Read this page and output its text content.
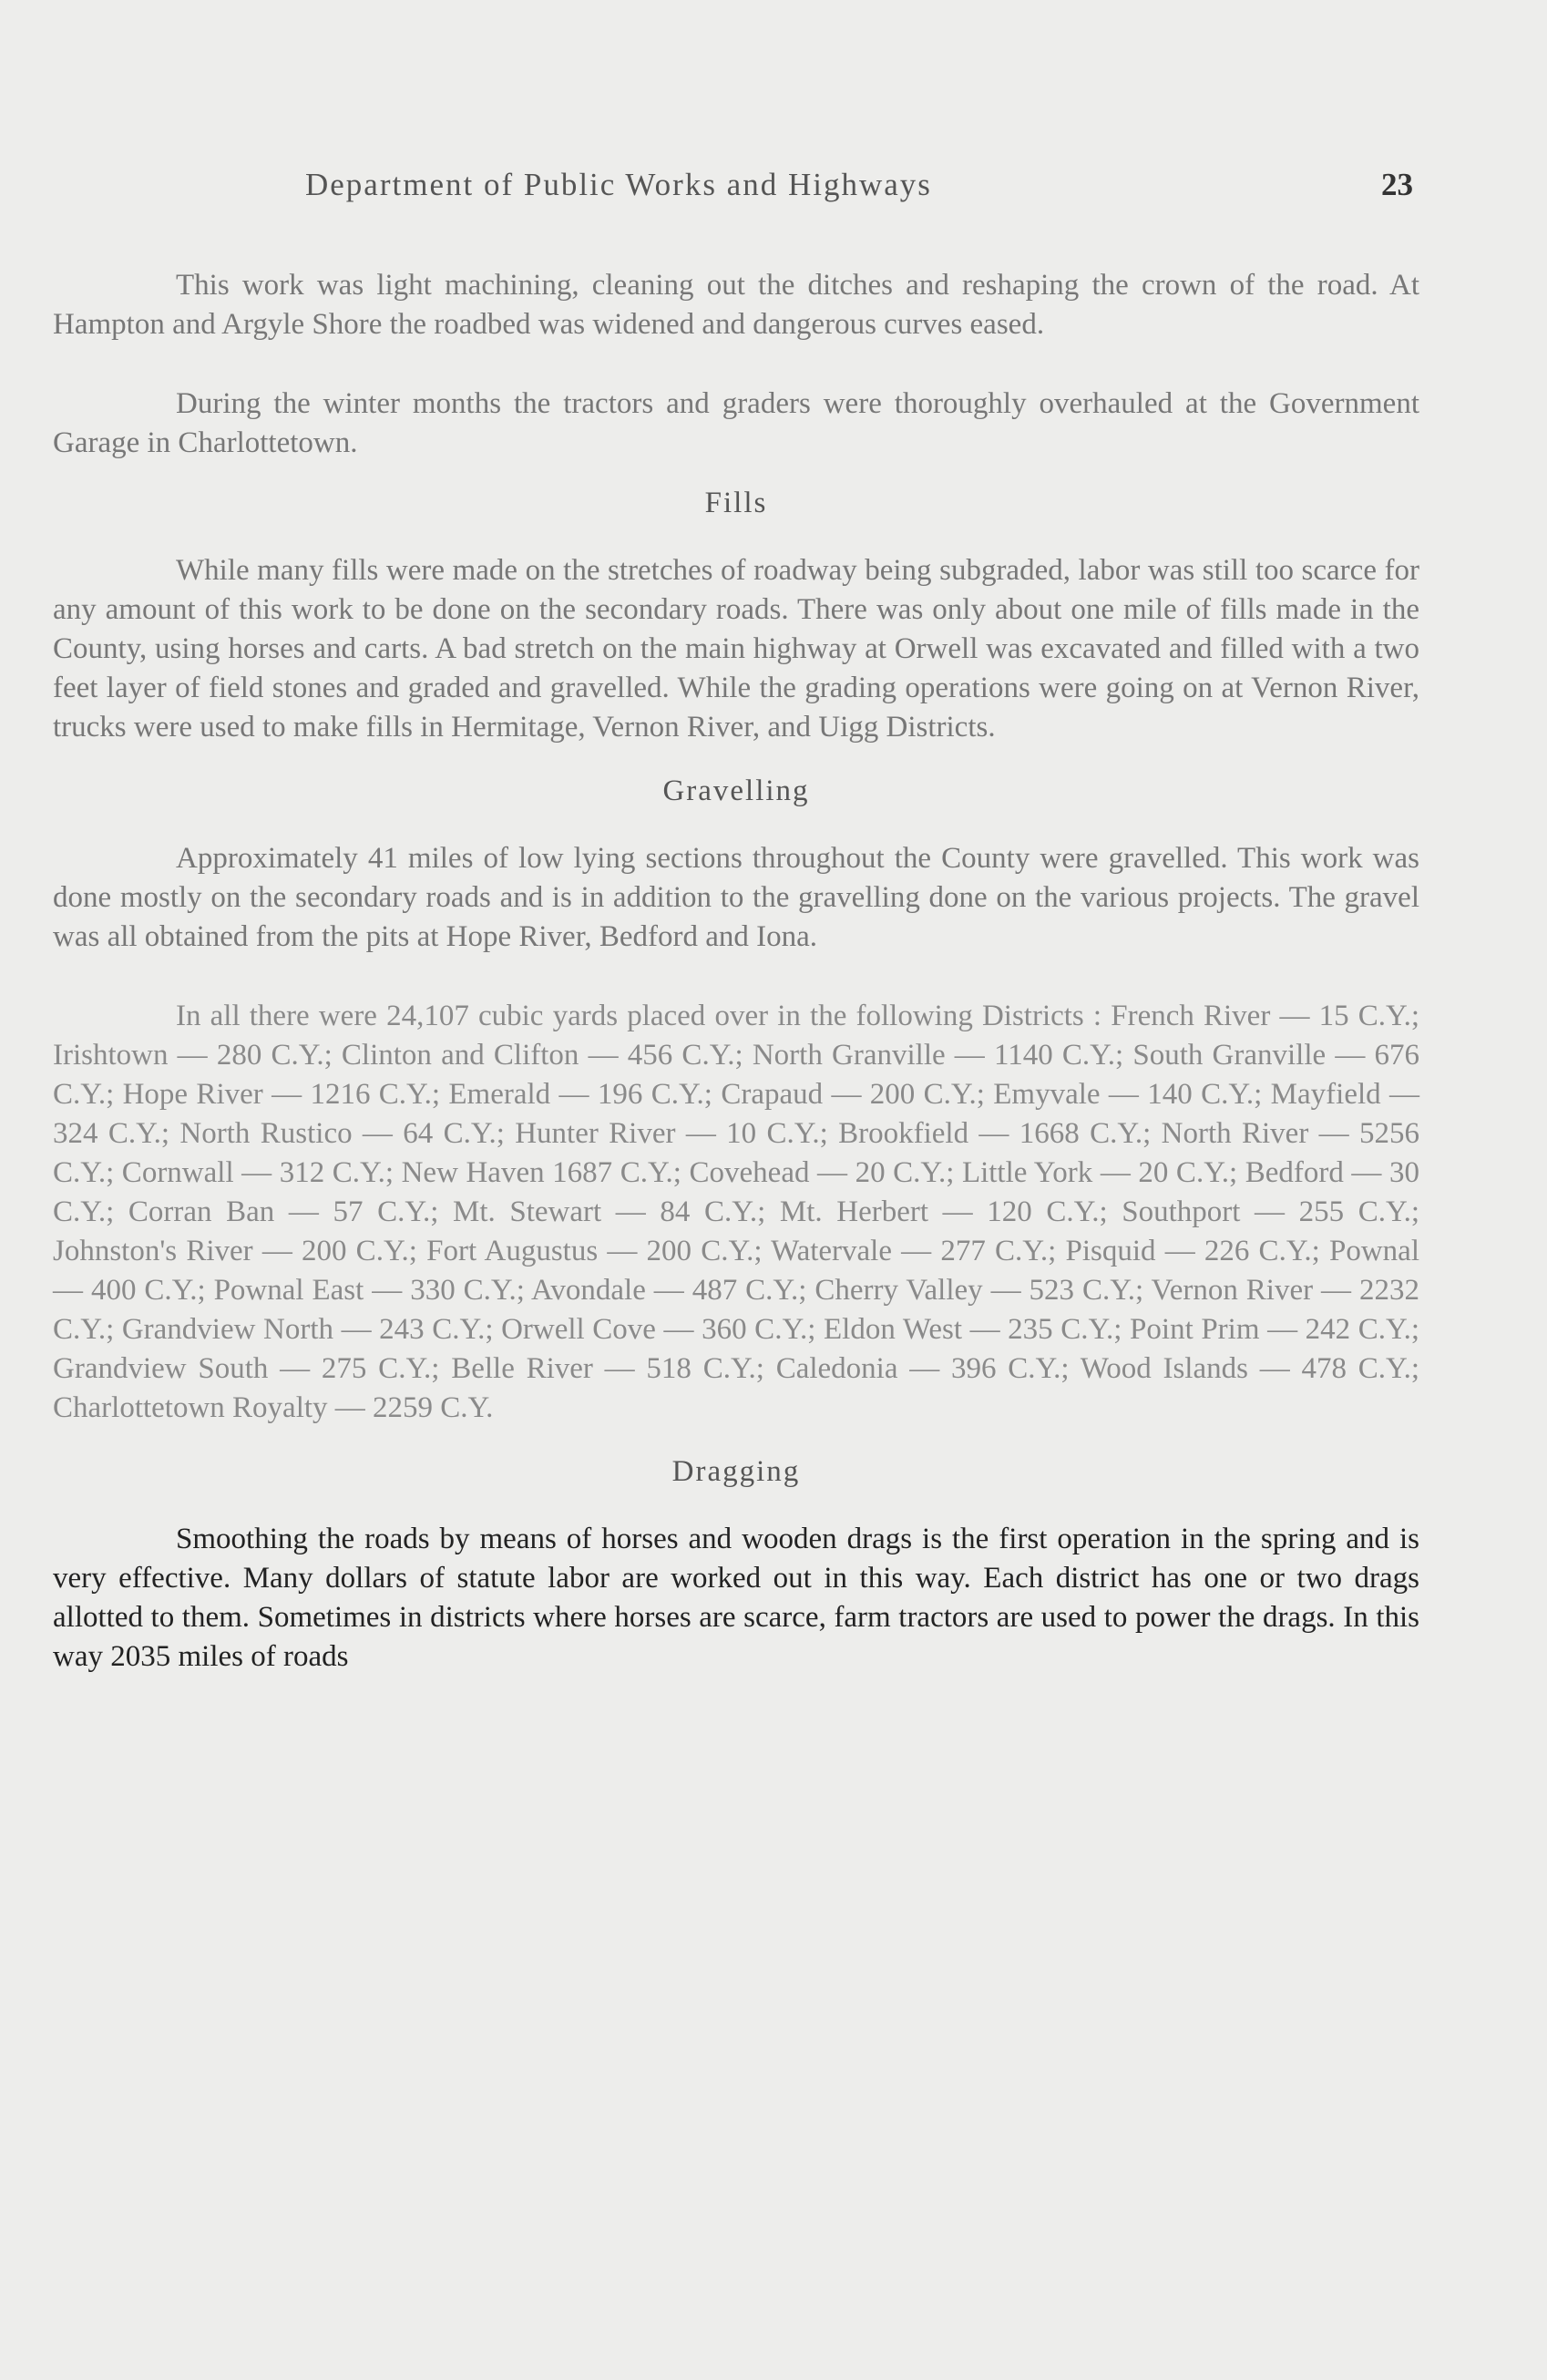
Department of Public Works and Highways	23

This work was light machining, cleaning out the ditches and reshaping the crown of the road. At Hampton and Argyle Shore the roadbed was widened and dangerous curves eased.

During the winter months the tractors and graders were thoroughly overhauled at the Government Garage in Charlottetown.

Fills

While many fills were made on the stretches of roadway being subgraded, labor was still too scarce for any amount of this work to be done on the secondary roads. There was only about one mile of fills made in the County, using horses and carts. A bad stretch on the main highway at Orwell was excavated and filled with a two feet layer of field stones and graded and gravelled. While the grading operations were going on at Vernon River, trucks were used to make fills in Hermitage, Vernon River, and Uigg Districts.

Gravelling

Approximately 41 miles of low lying sections throughout the County were gravelled. This work was done mostly on the secondary roads and is in addition to the gravelling done on the various projects. The gravel was all obtained from the pits at Hope River, Bedford and Iona.

In all there were 24,107 cubic yards placed over in the following Districts : French River — 15 C.Y.; Irishtown — 280 C.Y.; Clinton and Clifton — 456 C.Y.; North Granville — 1140 C.Y.; South Granville — 676 C.Y.; Hope River — 1216 C.Y.; Emerald — 196 C.Y.; Crapaud — 200 C.Y.; Emyvale — 140 C.Y.; Mayfield — 324 C.Y.; North Rustico — 64 C.Y.; Hunter River — 10 C.Y.; Brookfield — 1668 C.Y.; North River — 5256 C.Y.; Cornwall — 312 C.Y.; New Haven 1687 C.Y.; Covehead — 20 C.Y.; Little York — 20 C.Y.; Bedford — 30 C.Y.; Corran Ban — 57 C.Y.; Mt. Stewart — 84 C.Y.; Mt. Herbert — 120 C.Y.; Southport — 255 C.Y.; Johnston's River — 200 C.Y.; Fort Augustus — 200 C.Y.; Watervale — 277 C.Y.; Pisquid — 226 C.Y.; Pownal — 400 C.Y.; Pownal East — 330 C.Y.; Avondale — 487 C.Y.; Cherry Valley — 523 C.Y.; Vernon River — 2232 C.Y.; Grandview North — 243 C.Y.; Orwell Cove — 360 C.Y.; Eldon West — 235 C.Y.; Point Prim — 242 C.Y.; Grandview South — 275 C.Y.; Belle River — 518 C.Y.; Caledonia — 396 C.Y.; Wood Islands — 478 C.Y.; Charlottetown Royalty — 2259 C.Y.

Dragging

Smoothing the roads by means of horses and wooden drags is the first operation in the spring and is very effective. Many dollars of statute labor are worked out in this way. Each district has one or two drags allotted to them. Sometimes in districts where horses are scarce, farm tractors are used to power the drags. In this way 2035 miles of roads
